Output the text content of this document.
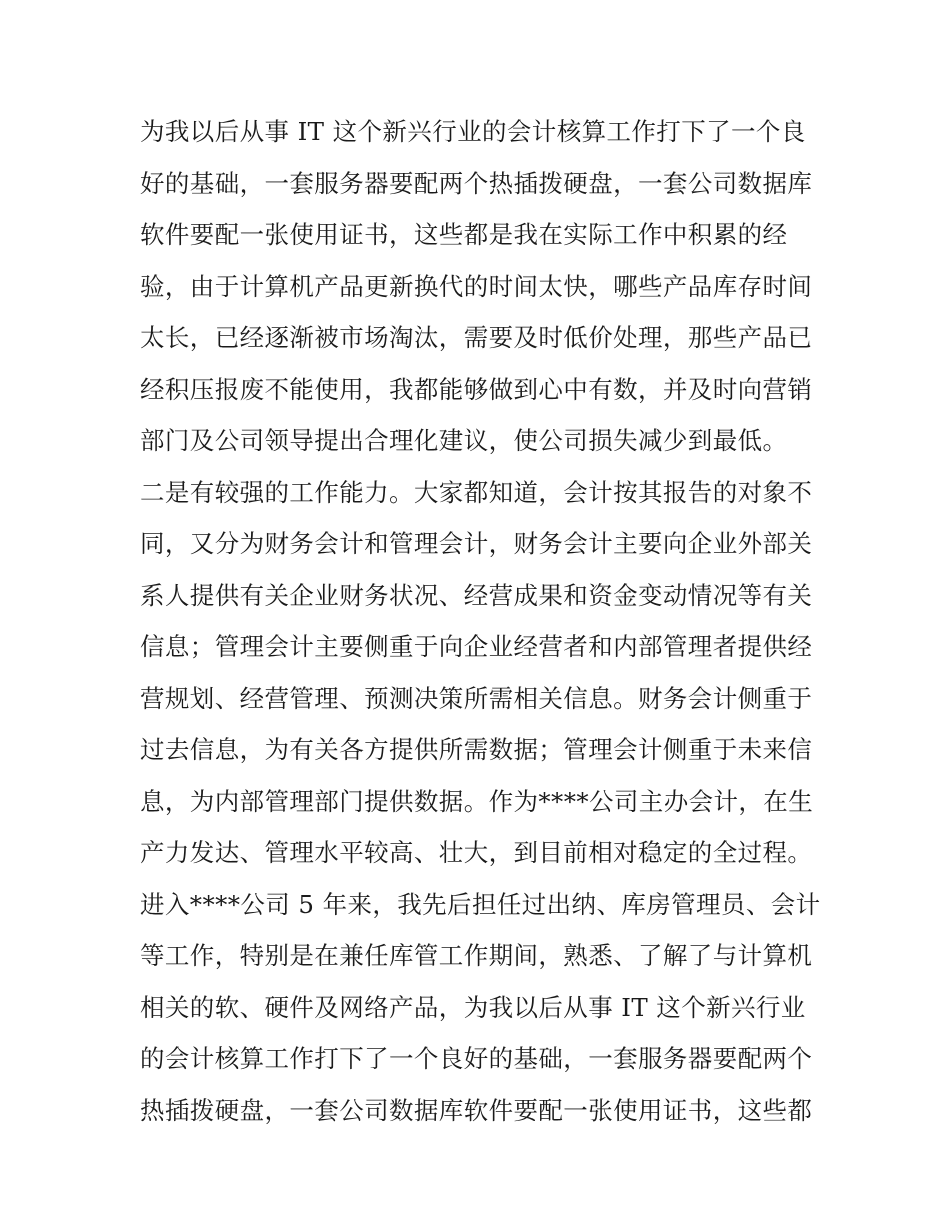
为我以后从事 IT 这个新兴行业的会计核算工作打下了一个良
好的基础，一套服务器要配两个热插拨硬盘，一套公司数据库
软件要配一张使用证书，这些都是我在实际工作中积累的经
验，由于计算机产品更新换代的时间太快，哪些产品库存时间
太长，已经逐渐被市场淘汰，需要及时低价处理，那些产品已
经积压报废不能使用，我都能够做到心中有数，并及时向营销
部门及公司领导提出合理化建议，使公司损失减少到最低。
二是有较强的工作能力。大家都知道，会计按其报告的对象不
同，又分为财务会计和管理会计，财务会计主要向企业外部关
系人提供有关企业财务状况、经营成果和资金变动情况等有关
信息；管理会计主要侧重于向企业经营者和内部管理者提供经
营规划、经营管理、预测决策所需相关信息。财务会计侧重于
过去信息，为有关各方提供所需数据；管理会计侧重于未来信
息，为内部管理部门提供数据。作为****公司主办会计，在生
产力发达、管理水平较高、壮大，到目前相对稳定的全过程。
进入****公司 5 年来，我先后担任过出纳、库房管理员、会计
等工作，特别是在兼任库管工作期间，熟悉、了解了与计算机
相关的软、硬件及网络产品，为我以后从事 IT 这个新兴行业
的会计核算工作打下了一个良好的基础，一套服务器要配两个
热插拨硬盘，一套公司数据库软件要配一张使用证书，这些都
